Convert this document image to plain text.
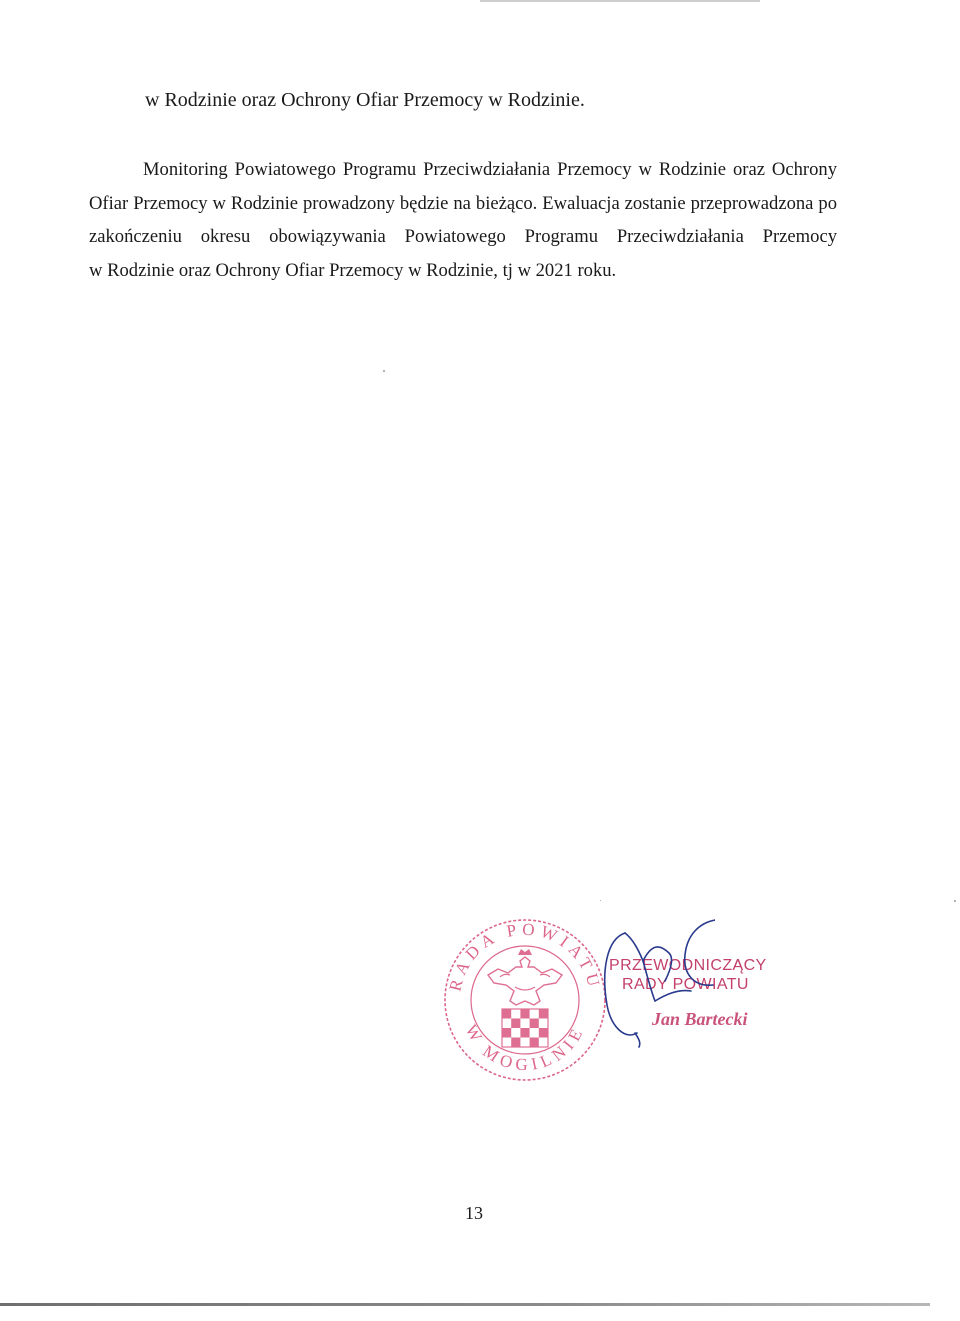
w Rodzinie oraz Ochrony Ofiar Przemocy w Rodzinie.
Monitoring Powiatowego Programu Przeciwdziałania Przemocy w Rodzinie oraz Ochrony
Ofiar Przemocy w Rodzinie prowadzony będzie na bieżąco. Ewaluacja zostanie przeprowadzona po
zakończeniu okresu obowiązywania Powiatowego Programu Przeciwdziałania Przemocy
w Rodzinie oraz Ochrony Ofiar Przemocy w Rodzinie, tj w 2021 roku.
RADA POWIATU
W MOGILNIE
PRZEWODNICZĄCY
RADY POWIATU
Jan Bartecki
13
